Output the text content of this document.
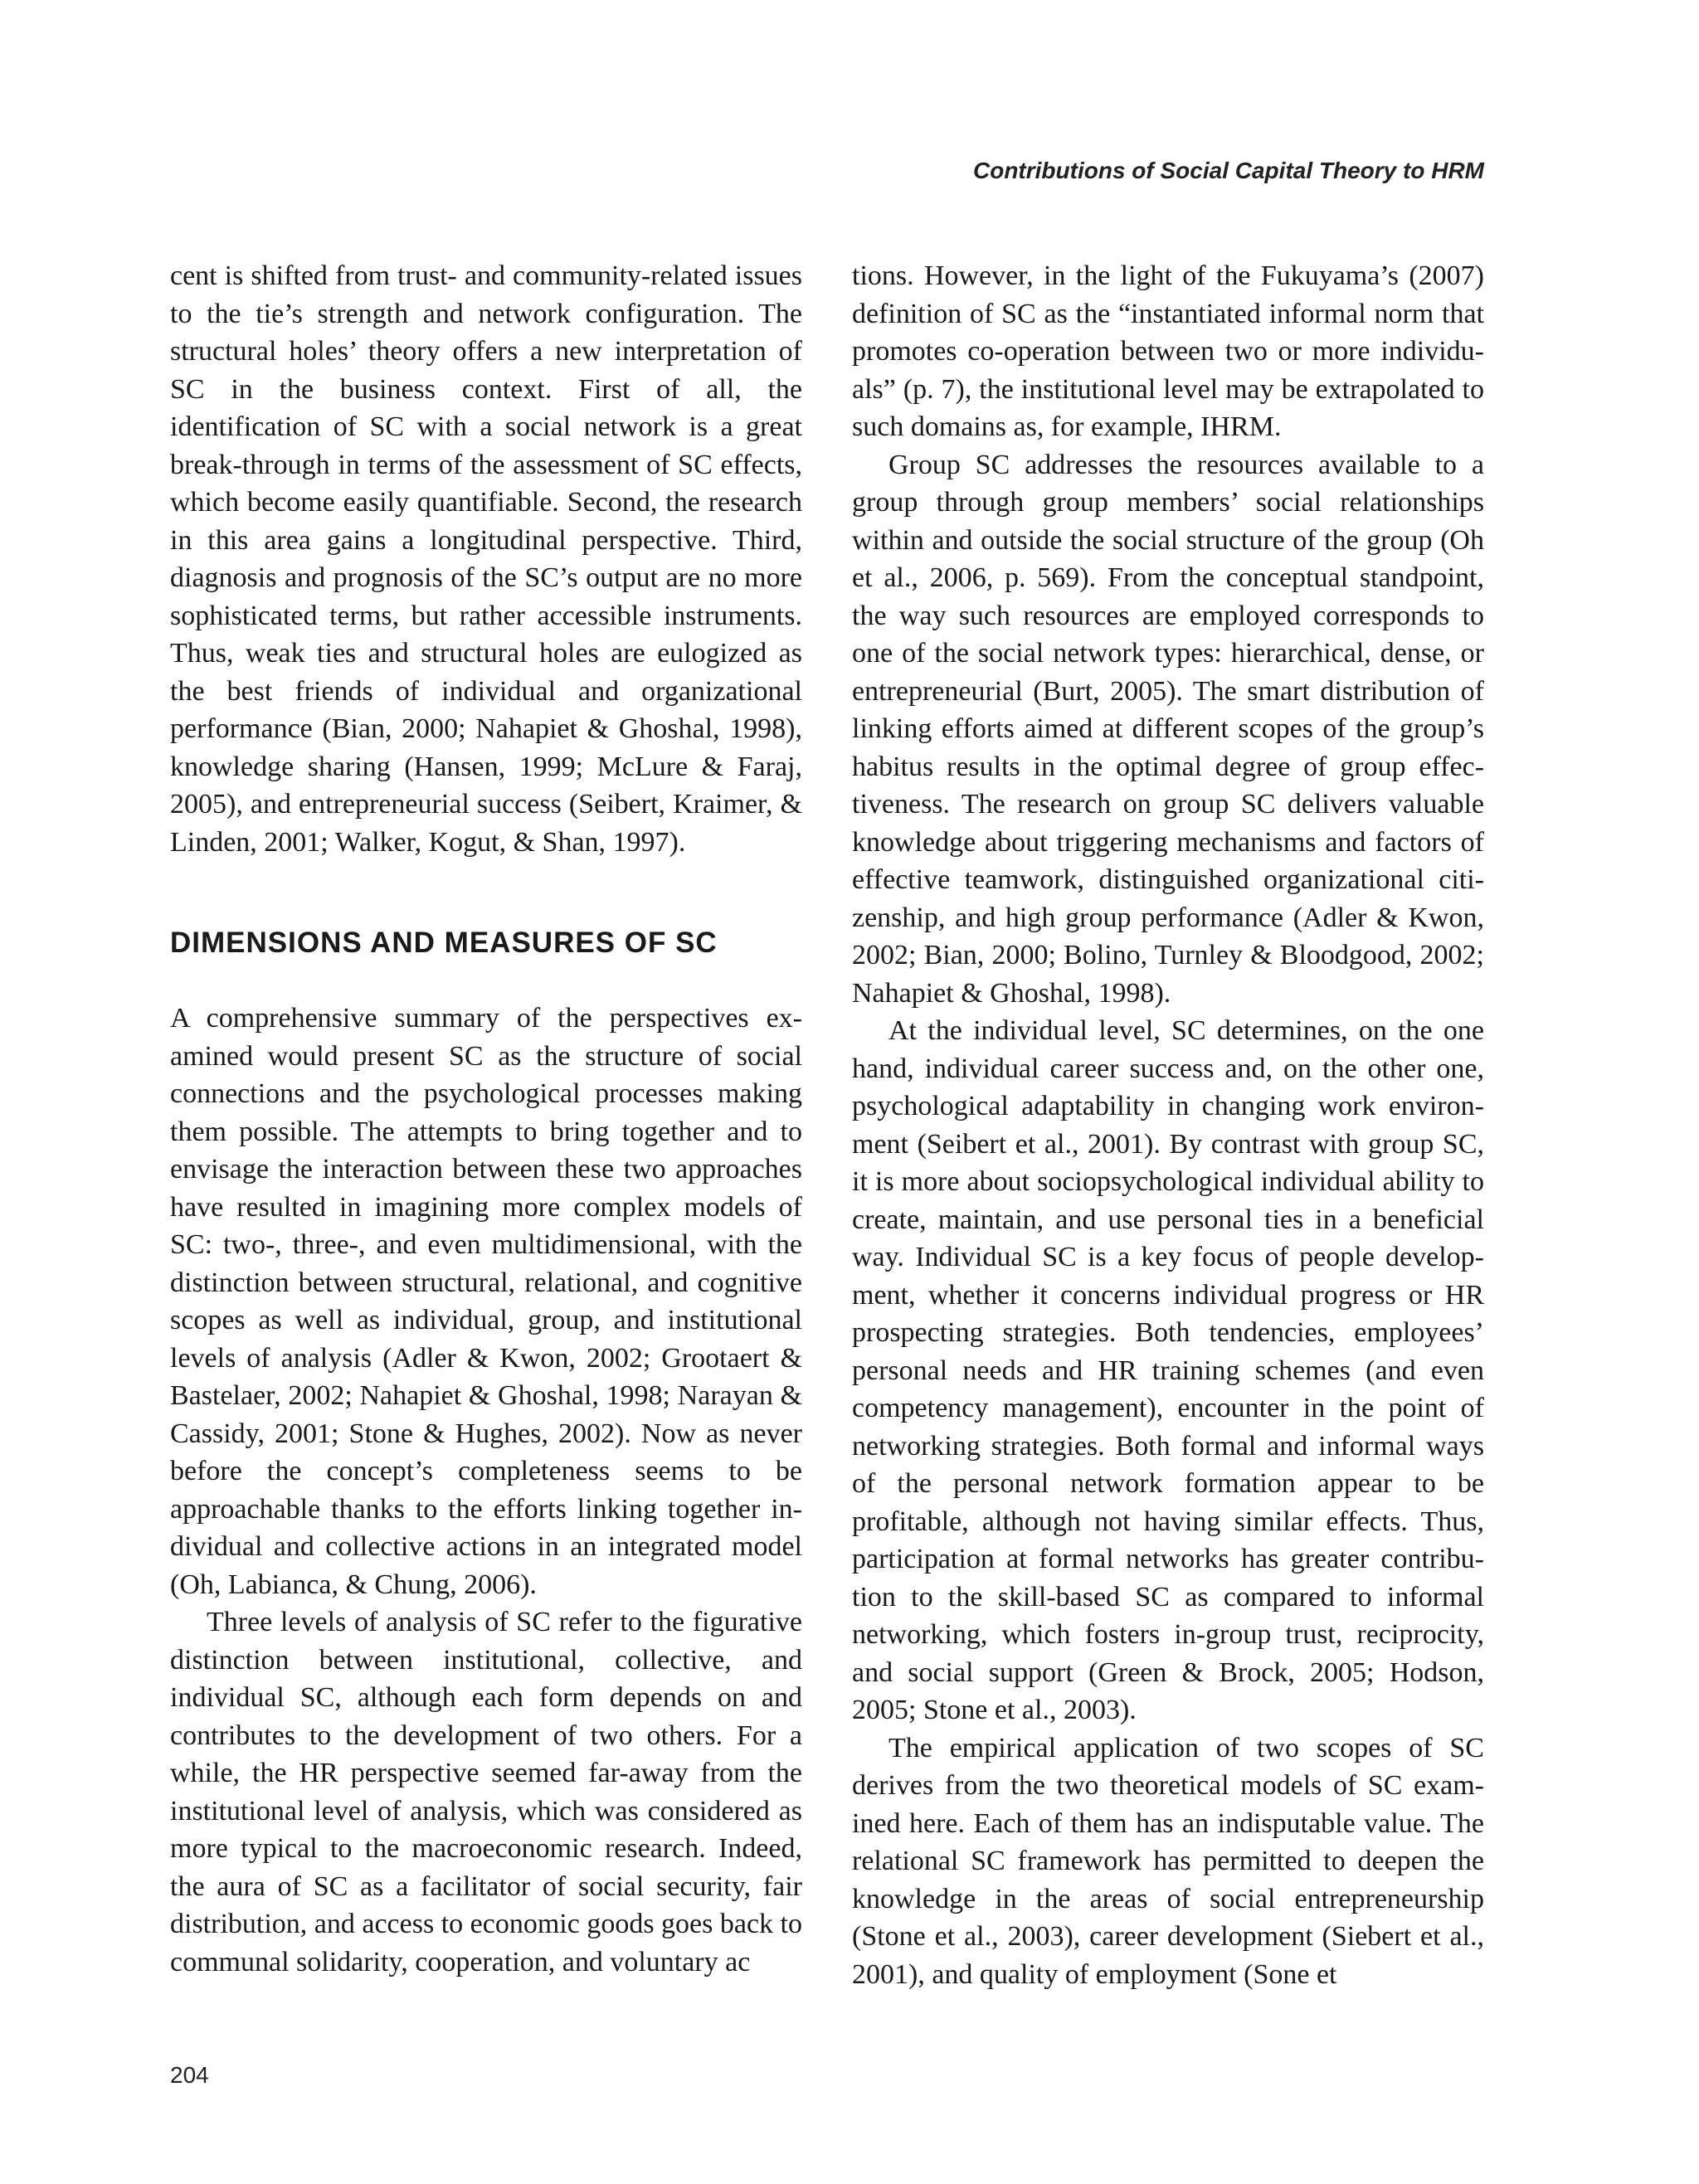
Contributions of Social Capital Theory to HRM

cent is shifted from trust- and community-related issues to the tie’s strength and network configuration. The structural holes’ theory offers a new interpretation of SC in the business context. First of all, the identification of SC with a social network is a great break-through in terms of the assessment of SC effects, which become easily quantifiable. Second, the research in this area gains a longitudinal perspective. Third, diagnosis and prognosis of the SC’s output are no more sophisticated terms, but rather accessible instruments. Thus, weak ties and structural holes are eulogized as the best friends of individual and organizational performance (Bian, 2000; Nahapiet & Ghoshal, 1998), knowledge sharing (Hansen, 1999; McLure & Faraj, 2005), and entrepreneurial success (Seibert, Kraimer, & Linden, 2001; Walker, Kogut, & Shan, 1997).

DIMENSIONS AND MEASURES OF SC

A comprehensive summary of the perspectives examined would present SC as the structure of social connections and the psychological processes making them possible. The attempts to bring together and to envisage the interaction between these two approaches have resulted in imagining more complex models of SC: two-, three-, and even multidimensional, with the distinction between structural, relational, and cognitive scopes as well as individual, group, and institutional levels of analysis (Adler & Kwon, 2002; Grootaert & Bastelaer, 2002; Nahapiet & Ghoshal, 1998; Narayan & Cassidy, 2001; Stone & Hughes, 2002). Now as never before the concept’s completeness seems to be approachable thanks to the efforts linking together individual and collective actions in an integrated model (Oh, Labianca, & Chung, 2006).

Three levels of analysis of SC refer to the figurative distinction between institutional, collective, and individual SC, although each form depends on and contributes to the development of two others. For a while, the HR perspective seemed far-away from the institutional level of analysis, which was considered as more typical to the macroeconomic research. Indeed, the aura of SC as a facilitator of social security, fair distribution, and access to economic goods goes back to communal solidarity, cooperation, and voluntary ac

tions. However, in the light of the Fukuyama’s (2007) definition of SC as the “instantiated informal norm that promotes co-operation between two or more individuals” (p. 7), the institutional level may be extrapolated to such domains as, for example, IHRM.

Group SC addresses the resources available to a group through group members’ social relationships within and outside the social structure of the group (Oh et al., 2006, p. 569). From the conceptual standpoint, the way such resources are employed corresponds to one of the social network types: hierarchical, dense, or entrepreneurial (Burt, 2005). The smart distribution of linking efforts aimed at different scopes of the group’s habitus results in the optimal degree of group effectiveness. The research on group SC delivers valuable knowledge about triggering mechanisms and factors of effective teamwork, distinguished organizational citizenship, and high group performance (Adler & Kwon, 2002; Bian, 2000; Bolino, Turnley & Bloodgood, 2002; Nahapiet & Ghoshal, 1998).

At the individual level, SC determines, on the one hand, individual career success and, on the other one, psychological adaptability in changing work environment (Seibert et al., 2001). By contrast with group SC, it is more about sociopsychological individual ability to create, maintain, and use personal ties in a beneficial way. Individual SC is a key focus of people development, whether it concerns individual progress or HR prospecting strategies. Both tendencies, employees’ personal needs and HR training schemes (and even competency management), encounter in the point of networking strategies. Both formal and informal ways of the personal network formation appear to be profitable, although not having similar effects. Thus, participation at formal networks has greater contribution to the skill-based SC as compared to informal networking, which fosters in-group trust, reciprocity, and social support (Green & Brock, 2005; Hodson, 2005; Stone et al., 2003).

The empirical application of two scopes of SC derives from the two theoretical models of SC examined here. Each of them has an indisputable value. The relational SC framework has permitted to deepen the knowledge in the areas of social entrepreneurship (Stone et al., 2003), career development (Siebert et al., 2001), and quality of employment (Sone et

204
